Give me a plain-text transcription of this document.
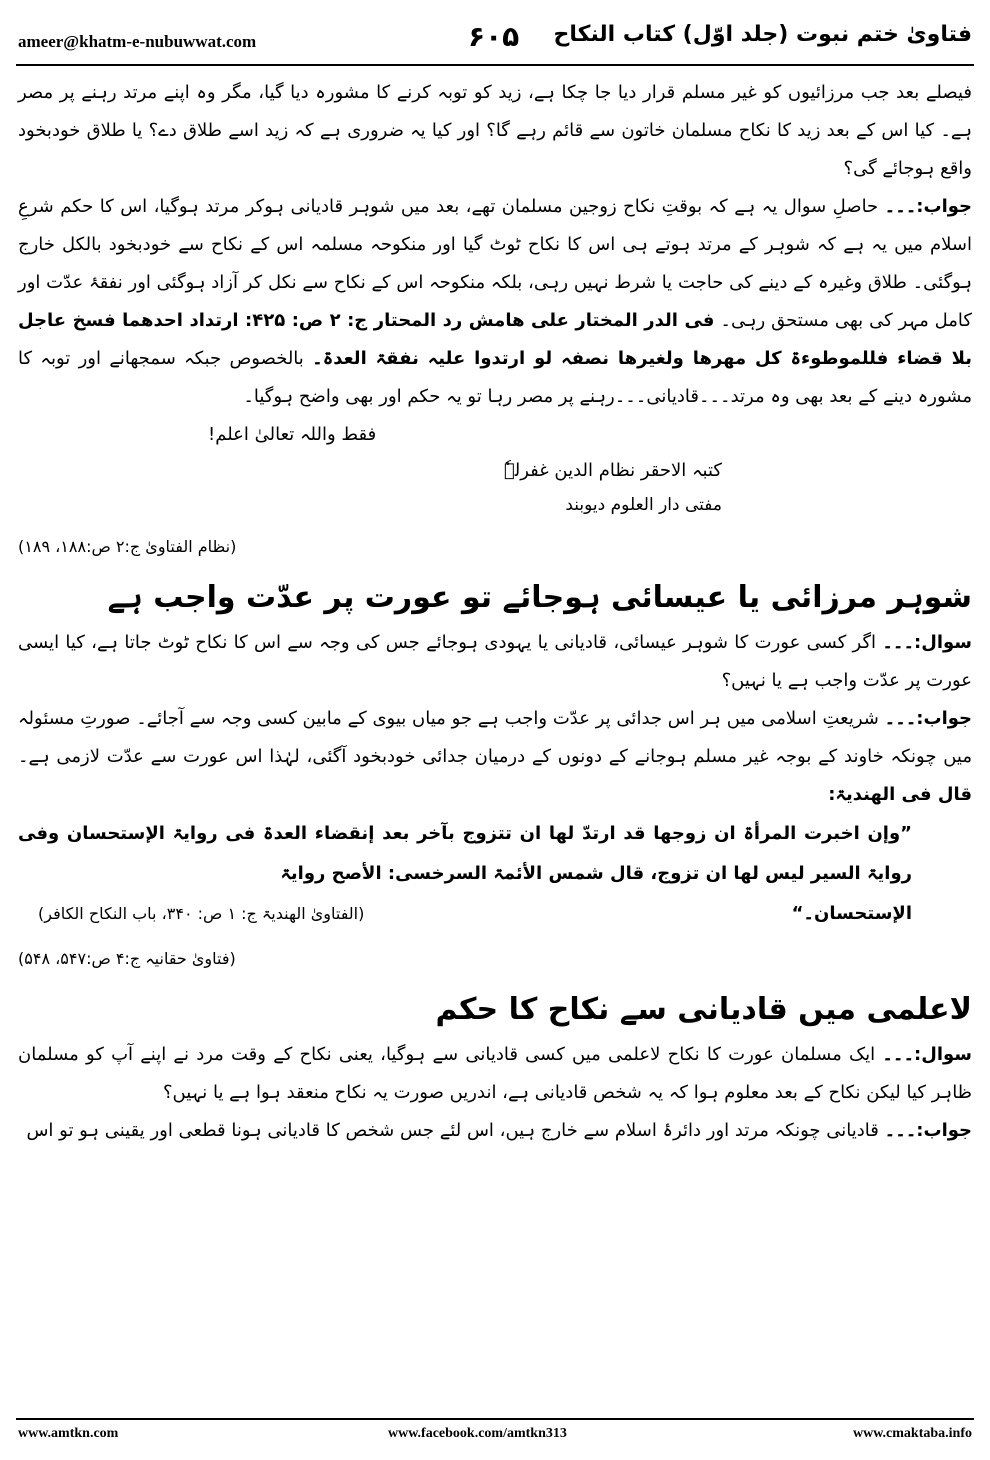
ameer@khatm-e-nubuwwat.com	۶۰۵ فتاویٰ ختم نبوت (جلد اوّل) کتاب النکاح

فیصلے بعد جب مرزائیوں کو غیر مسلم قرار دیا جا چکا ہے، زید کو توبہ کرنے کا مشورہ دیا گیا، مگر وہ اپنے مرتد رہنے پر مصر ہے۔ کیا اس کے بعد زید کا نکاح مسلمان خاتون سے قائم رہے گا؟ اور کیا یہ ضروری ہے کہ زید اسے طلاق دے؟ یا طلاق خودبخود واقع ہوجائے گی؟

جواب:۔۔۔ حاصلِ سوال یہ ہے کہ بوقتِ نکاح زوجین مسلمان تھے، بعد میں شوہر قادیانی ہوکر مرتد ہوگیا، اس کا حکم شرعِ اسلام میں یہ ہے کہ شوہر کے مرتد ہوتے ہی اس کا نکاح ٹوٹ گیا اور منکوحہ مسلمہ اس کے نکاح سے خودبخود بالکل خارج ہوگئی۔ طلاق وغیرہ کے دینے کی حاجت یا شرط نہیں رہی، بلکہ منکوحہ اس کے نکاح سے نکل کر آزاد ہوگئی اور نفقۂ عدّت اور کامل مہر کی بھی مستحق رہی۔ فی الدر المختار علی ھامش رد المحتار ج: ۲ ص: ۴۲۵: ارتداد احدھما فسخ عاجل بلا قضاء فللموطوءۃ کل مھرھا ولغیرھا نصفہ لو ارتدوا علیہ نفقۃ العدۃ۔ بالخصوص جبکہ سمجھانے اور توبہ کا مشورہ دینے کے بعد بھی وہ مرتد۔۔۔قادیانی۔۔۔رہنے پر مصر رہا تو یہ حکم اور بھی واضح ہوگیا۔

فقط واللہ تعالیٰ اعلم!
کتبہ الاحقر نظام الدین غفرلہٗ
مفتی دار العلوم دیوبند
(نظام الفتاویٰ ج:۲ ص:۱۸۸، ۱۸۹)
شوہر مرزائی یا عیسائی ہوجائے تو عورت پر عدّت واجب ہے

سوال:۔۔۔ اگر کسی عورت کا شوہر عیسائی، قادیانی یا یہودی ہوجائے جس کی وجہ سے اس کا نکاح ٹوٹ جاتا ہے، کیا ایسی عورت پر عدّت واجب ہے یا نہیں؟

جواب:۔۔۔ شریعتِ اسلامی میں ہر اس جدائی پر عدّت واجب ہے جو میاں بیوی کے مابین کسی وجہ سے آجائے۔ صورتِ مسئولہ میں چونکہ خاوند کے بوجہ غیر مسلم ہوجانے کے دونوں کے درمیان جدائی خودبخود آگئی، لہٰذا اس عورت سے عدّت لازمی ہے۔ قال فی الھندیۃ:

”وإن اخبرت المرأۃ ان زوجھا قد ارتدّ لھا ان تتزوج بآخر بعد إنقضاء العدۃ فی روایۃ الإستحسان وفی روایۃ السیر لیس لھا ان تزوج، قال شمس الأئمۃ السرخسی: الأصح روایۃ

الإستحسان۔“
(الفتاویٰ الھندیۃ ج: ۱ ص: ۳۴۰، باب النکاح الکافر)
(فتاویٰ حقانیہ ج:۴ ص:۵۴۷، ۵۴۸)
لاعلمی میں قادیانی سے نکاح کا حکم

سوال:۔۔۔ ایک مسلمان عورت کا نکاح لاعلمی میں کسی قادیانی سے ہوگیا، یعنی نکاح کے وقت مرد نے اپنے آپ کو مسلمان ظاہر کیا لیکن نکاح کے بعد معلوم ہوا کہ یہ شخص قادیانی ہے، اندریں صورت یہ نکاح منعقد ہوا ہے یا نہیں؟

جواب:۔۔۔ قادیانی چونکہ مرتد اور دائرۂ اسلام سے خارج ہیں، اس لئے جس شخص کا قادیانی ہونا قطعی اور یقینی ہو تو اس

www.amtkn.com	www.facebook.com/amtkn313	www.cmaktaba.info
